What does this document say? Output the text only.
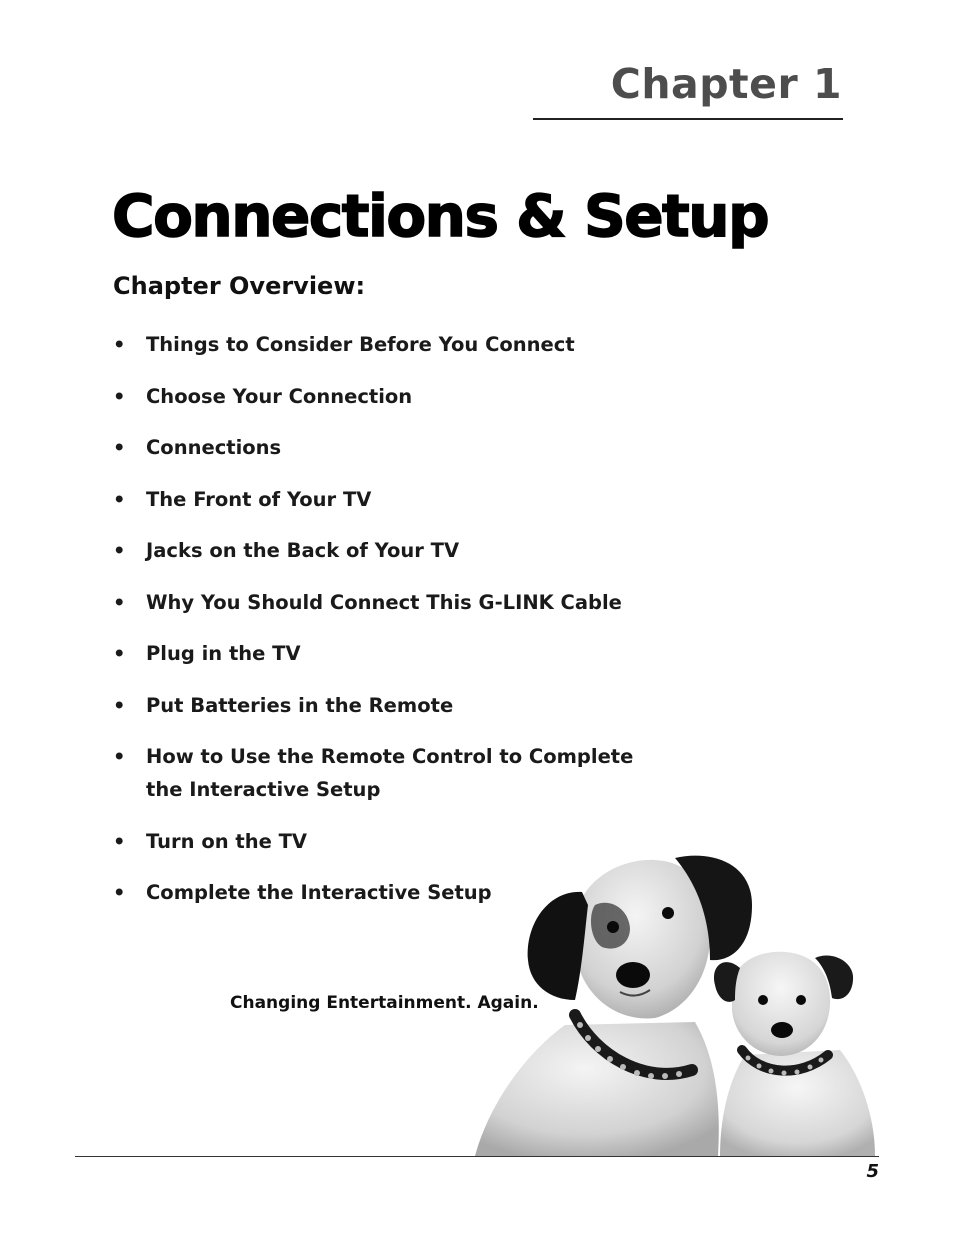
Chapter 1
Connections & Setup
Chapter Overview:
• Things to Consider Before You Connect
• Choose Your Connection
• Connections
• The Front of Your TV
• Jacks on the Back of Your TV
• Why You Should Connect This G-LINK Cable
• Plug in the TV
• Put Batteries in the Remote
• How to Use the Remote Control to Complete the Interactive Setup
• Turn on the TV
• Complete the Interactive Setup
Changing Entertainment. Again.
5
